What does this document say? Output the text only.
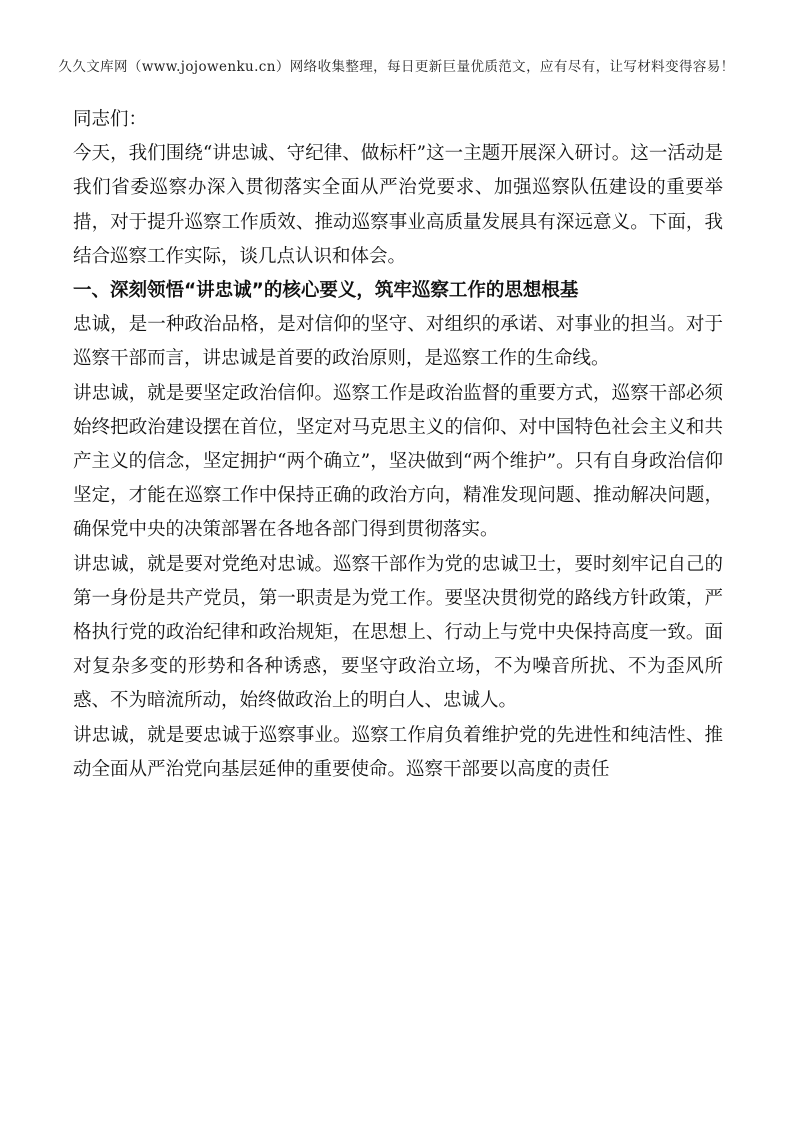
久久文库网（www.jojowenku.cn）网络收集整理，每日更新巨量优质范文，应有尽有，让写材料变得容易！

同志们：

今天，我们围绕“讲忠诚、守纪律、做标杆”这一主题开展深入研讨。这一活动是我们省委巡察办深入贯彻落实全面从严治党要求、加强巡察队伍建设的重要举措，对于提升巡察工作质效、推动巡察事业高质量发展具有深远意义。下面，我结合巡察工作实际，谈几点认识和体会。

一、深刻领悟“讲忠诚”的核心要义，筑牢巡察工作的思想根基

忠诚，是一种政治品格，是对信仰的坚守、对组织的承诺、对事业的担当。对于巡察干部而言，讲忠诚是首要的政治原则，是巡察工作的生命线。

讲忠诚，就是要坚定政治信仰。巡察工作是政治监督的重要方式，巡察干部必须始终把政治建设摆在首位，坚定对马克思主义的信仰、对中国特色社会主义和共产主义的信念，坚定拥护“两个确立”，坚决做到“两个维护”。只有自身政治信仰坚定，才能在巡察工作中保持正确的政治方向，精准发现问题、推动解决问题，确保党中央的决策部署在各地各部门得到贯彻落实。

讲忠诚，就是要对党绝对忠诚。巡察干部作为党的忠诚卫士，要时刻牢记自己的第一身份是共产党员，第一职责是为党工作。要坚决贯彻党的路线方针政策，严格执行党的政治纪律和政治规矩，在思想上、行动上与党中央保持高度一致。面对复杂多变的形势和各种诱惑，要坚守政治立场，不为噪音所扰、不为歪风所惑、不为暗流所动，始终做政治上的明白人、忠诚人。

讲忠诚，就是要忠诚于巡察事业。巡察工作肩负着维护党的先进性和纯洁性、推动全面从严治党向基层延伸的重要使命。巡察干部要以高度的责任
